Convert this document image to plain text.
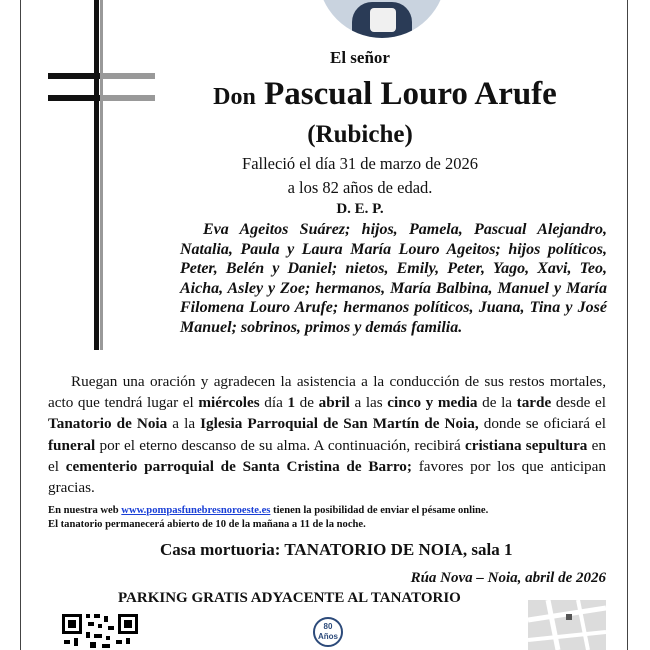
El señor
Don Pascual Louro Arufe
(Rubiche)
Falleció el día 31 de marzo de 2026
a los 82 años de edad.
D. E. P.

Eva Ageitos Suárez; hijos, Pamela, Pascual Alejandro, Natalia, Paula y Laura María Louro Ageitos; hijos políticos, Peter, Belén y Daniel; nietos, Emily, Peter, Yago, Xavi, Teo, Aicha, Asley y Zoe; hermanos, María Balbina, Manuel y María Filomena Louro Arufe; hermanos políticos, Juana, Tina y José Manuel; sobrinos, primos y demás familia.

Ruegan una oración y agradecen la asistencia a la conducción de sus restos mortales, acto que tendrá lugar el miércoles día 1 de abril a las cinco y media de la tarde desde el Tanatorio de Noia a la Iglesia Parroquial de San Martín de Noia, donde se oficiará el funeral por el eterno descanso de su alma. A continuación, recibirá cristiana sepultura en el cementerio parroquial de Santa Cristina de Barro; favores por los que anticipan gracias.

En nuestra web www.pompasfunebresnoroeste.es tienen la posibilidad de enviar el pésame online.
El tanatorio permanecerá abierto de 10 de la mañana a 11 de la noche.

Casa mortuoria: TANATORIO DE NOIA, sala 1
Rúa Nova – Noia, abril de 2026
PARKING GRATIS ADYACENTE AL TANATORIO
80
Años
